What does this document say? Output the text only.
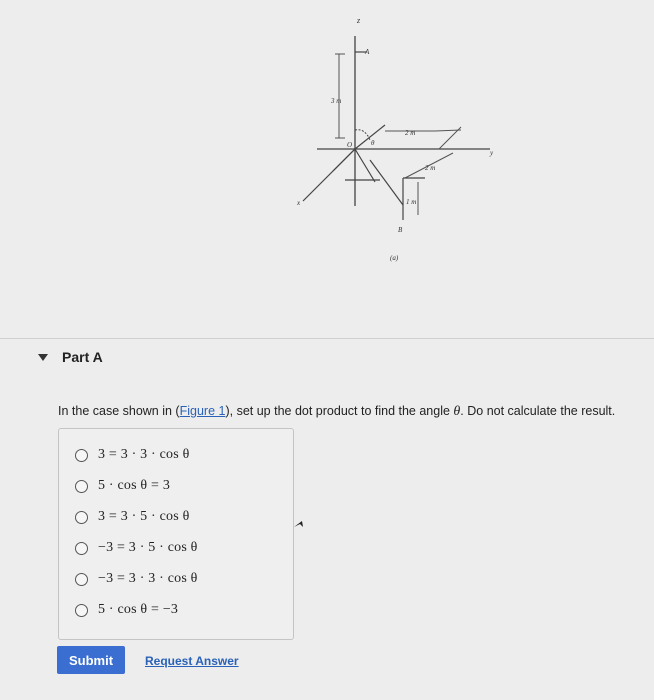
z
A
3 m
y
O	θ
x
2 m
2 m
1 m
B
(a)
Part A
In the case shown in (Figure 1), set up the dot product to find the angle θ. Do not calculate the result.
3 = 3 · 3 · cos θ
5 · cos θ = 3
3 = 3 · 5 · cos θ
−3 = 3 · 5 · cos θ
−3 = 3 · 3 · cos θ
5 · cos θ = −3
Submit	Request Answer
